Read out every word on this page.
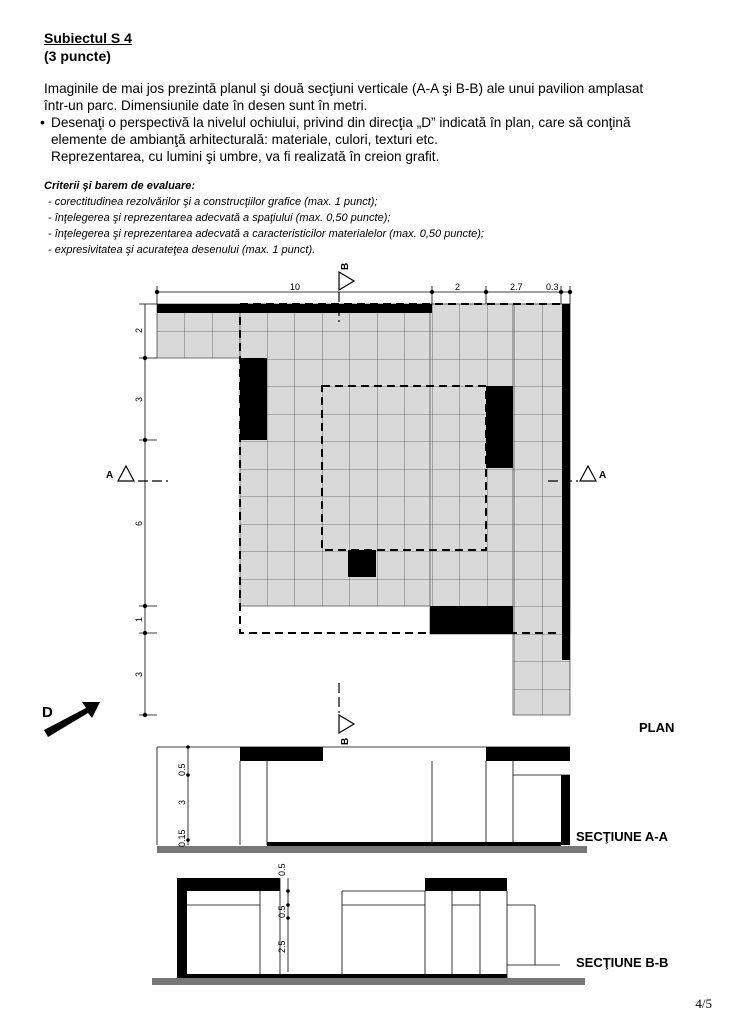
Subiectul S 4
(3 puncte)
Imaginile de mai jos prezintă planul şi două secţiuni verticale (A-A şi B-B) ale unui pavilion amplasat
într-un parc. Dimensiunile date în desen sunt în metri.
• Desenaţi o perspectivă la nivelul ochiului, privind din direcţia „D” indicată în plan, care să conţină
elemente de ambianţă arhitecturală: materiale, culori, texturi etc.
Reprezentarea, cu lumini şi umbre, va fi realizată în creion grafit.
Criterii şi barem de evaluare:
- corectitudinea rezolvărilor şi a construcţiilor grafice (max. 1 punct);
- înţelegerea şi reprezentarea adecvată a spaţiului (max. 0,50 puncte);
- înţelegerea şi reprezentarea adecvată a caracteristicilor materialelor (max. 0,50 puncte);
- expresivitatea şi acurateţea desenului (max. 1 punct).
10	2	2.7	0.3
2
3
6
1
3
A	A
B
B
D
0.5
3
0.15
0.5
0.5
2.5
PLAN
SECŢIUNE A-A
SECŢIUNE B-B
4/5
